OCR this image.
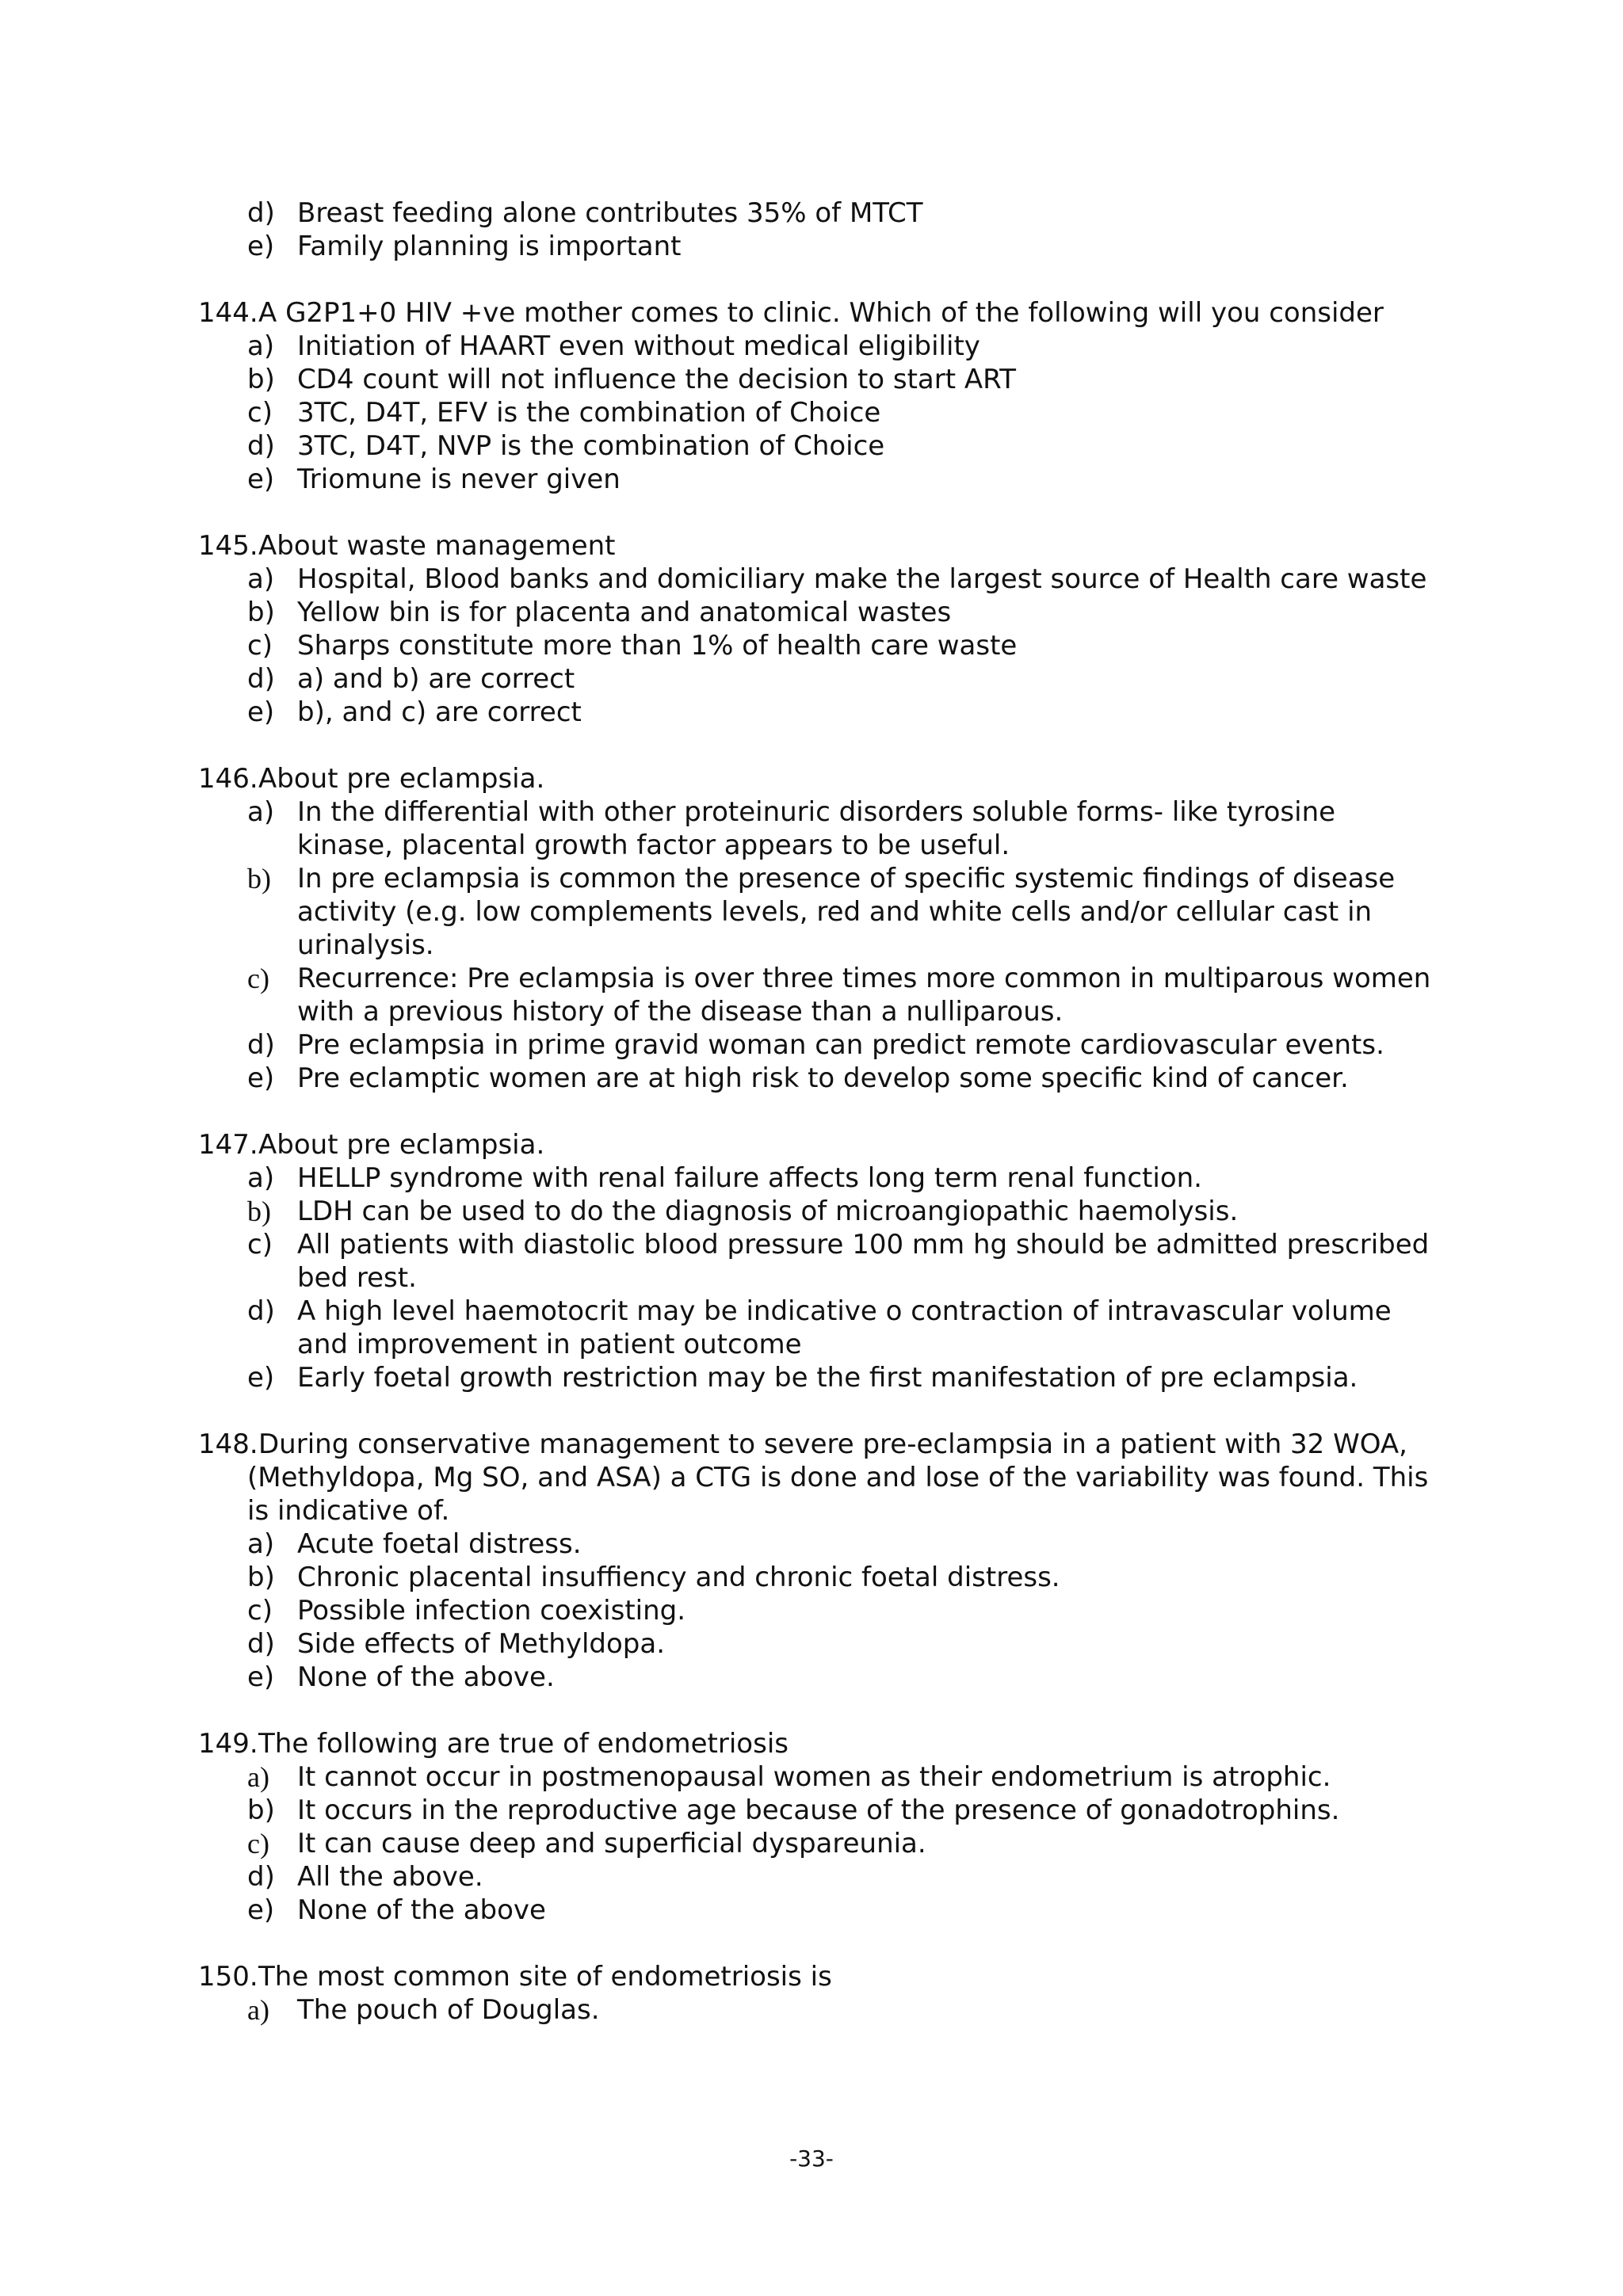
d) Breast feeding alone contributes 35% of MTCT
e) Family planning is important
144. A G2P1+0 HIV +ve mother comes to clinic. Which of the following will you consider
a) Initiation of HAART even without medical eligibility
b) CD4 count will not influence the decision to start ART
c) 3TC, D4T, EFV is the combination of Choice
d) 3TC, D4T, NVP is the combination of Choice
e) Triomune is never given
145. About waste management
a) Hospital, Blood banks and domiciliary make the largest source of Health care waste
b) Yellow bin is for placenta and anatomical wastes
c) Sharps constitute more than 1% of health care waste
d) a) and b) are correct
e) b), and c) are correct
146. About pre eclampsia.
a) In the differential with other proteinuric disorders soluble forms- like tyrosine kinase, placental growth factor appears to be useful.
b) In pre eclampsia is common the presence of specific systemic findings of disease activity (e.g. low complements levels, red and white cells and/or cellular cast in urinalysis.
c)	Recurrence: Pre eclampsia is over three times more common in multiparous women with a previous history of the disease than a nulliparous.
d) Pre eclampsia in prime gravid woman can predict remote cardiovascular events.
e) Pre eclamptic women are at high risk to develop some specific kind of cancer.
147. About pre eclampsia.
a) HELLP syndrome with renal failure affects long term renal function.
b) LDH can be used to do the diagnosis of microangiopathic haemolysis.
c) All patients with diastolic blood pressure 100 mm hg should be admitted prescribed bed rest.
d) A high level haemotocrit may be indicative o contraction of intravascular volume and improvement in patient outcome
e) Early foetal growth restriction may be the first manifestation of pre eclampsia.
148. During conservative management to severe pre-eclampsia in a patient with 32 WOA,
(Methyldopa, Mg SO, and ASA) a CTG is done and lose of the variability was found. This is indicative of.
a) Acute foetal distress.
b) Chronic placental insuffiency and chronic foetal distress.
c) Possible infection coexisting.
d) Side effects of Methyldopa.
e) None of the above.
149. The following are true of endometriosis
a)	It cannot occur in postmenopausal women as their endometrium is atrophic.
b) It occurs in the reproductive age because of the presence of gonadotrophins.
c)	It can cause deep and superficial dyspareunia.
d) All the above.
e) None of the above
150. The most common site of endometriosis is
a)	The pouch of Douglas.
-33-
